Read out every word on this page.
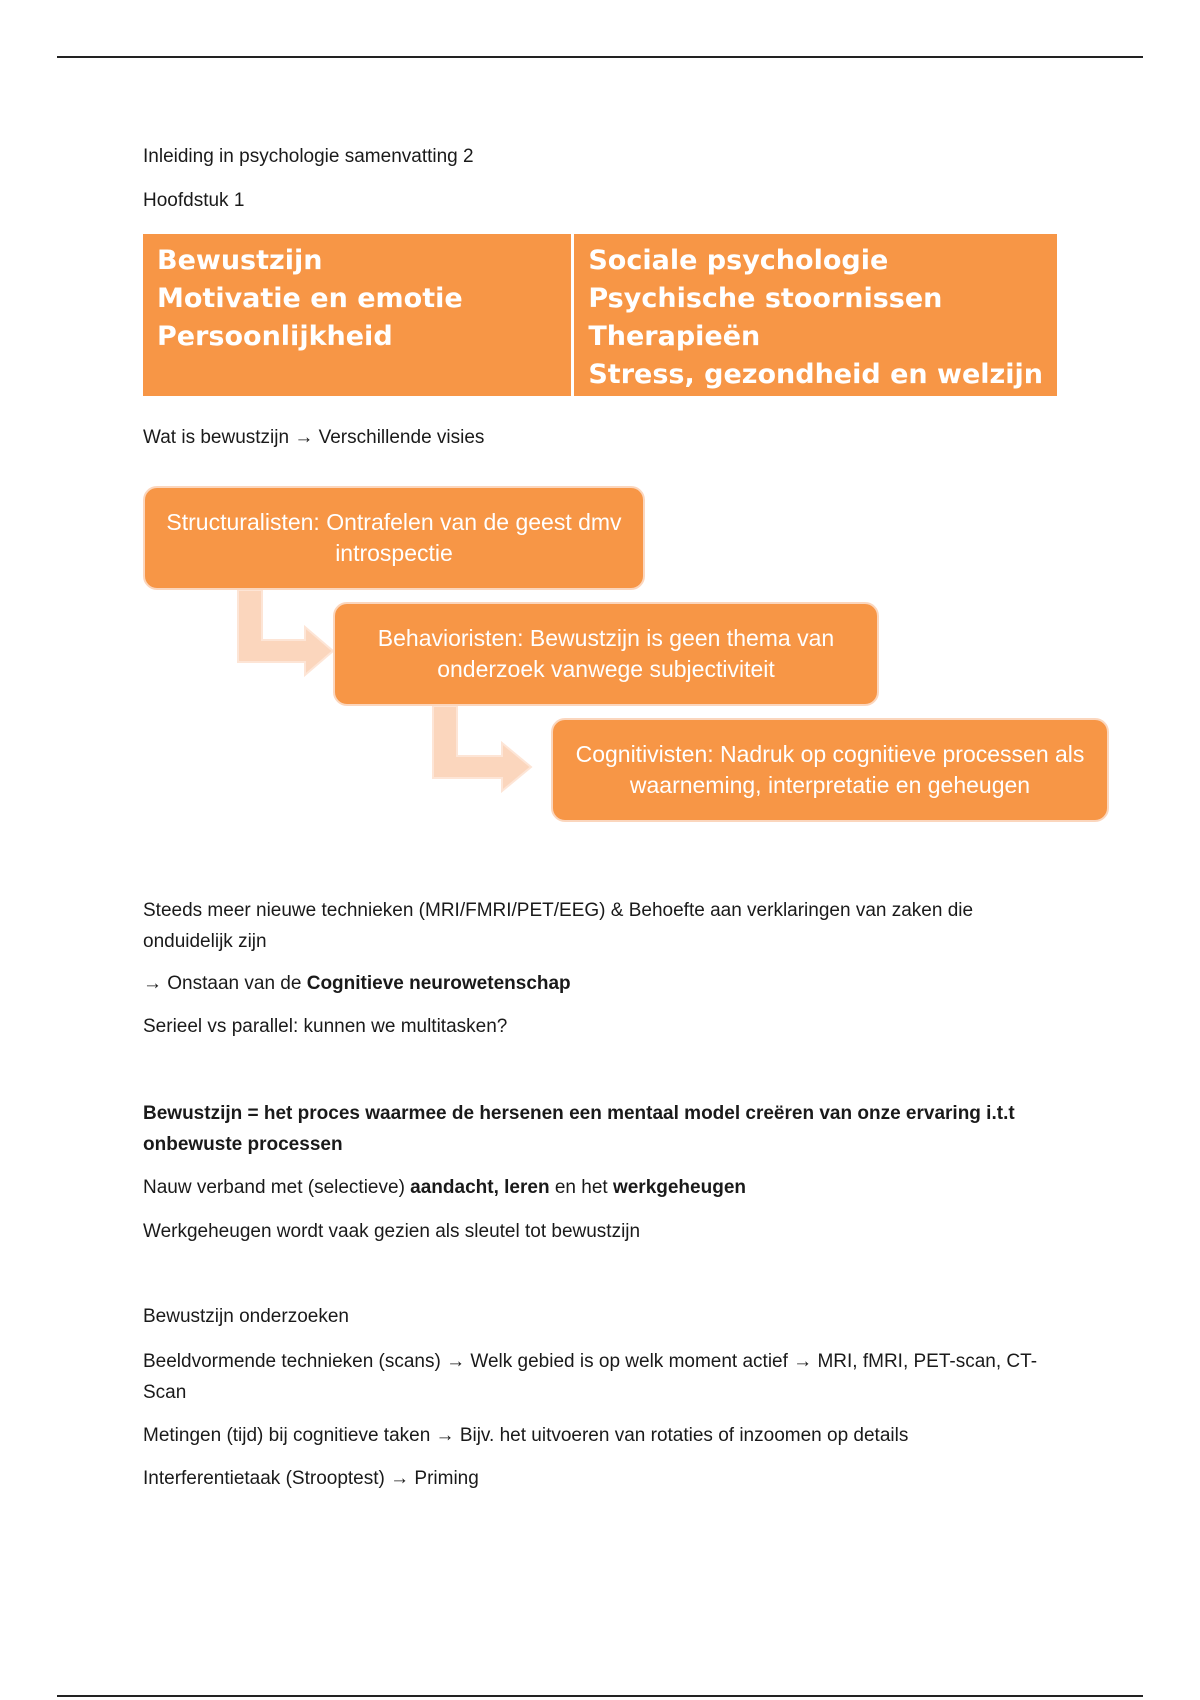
Inleiding in psychologie samenvatting 2

Hoofdstuk 1

Bewustzijn
Motivatie en emotie
Persoonlijkheid
Sociale psychologie
Psychische stoornissen
Therapieën
Stress, gezondheid en welzijn

Wat is bewustzijn → Verschillende visies

Structuralisten: Ontrafelen van de geest dmv introspectie
Behavioristen: Bewustzijn is geen thema van onderzoek vanwege subjectiviteit
Cognitivisten: Nadruk op cognitieve processen als waarneming, interpretatie en geheugen

Steeds meer nieuwe technieken (MRI/FMRI/PET/EEG) & Behoefte aan verklaringen van zaken die onduidelijk zijn

→ Onstaan van de Cognitieve neurowetenschap

Serieel vs parallel: kunnen we multitasken?

Bewustzijn = het proces waarmee de hersenen een mentaal model creëren van onze ervaring i.t.t onbewuste processen

Nauw verband met (selectieve) aandacht, leren en het werkgeheugen

Werkgeheugen wordt vaak gezien als sleutel tot bewustzijn

Bewustzijn onderzoeken

Beeldvormende technieken (scans) → Welk gebied is op welk moment actief → MRI, fMRI, PET-scan, CT-Scan

Metingen (tijd) bij cognitieve taken → Bijv. het uitvoeren van rotaties of inzoomen op details

Interferentietaak (Strooptest) → Priming
